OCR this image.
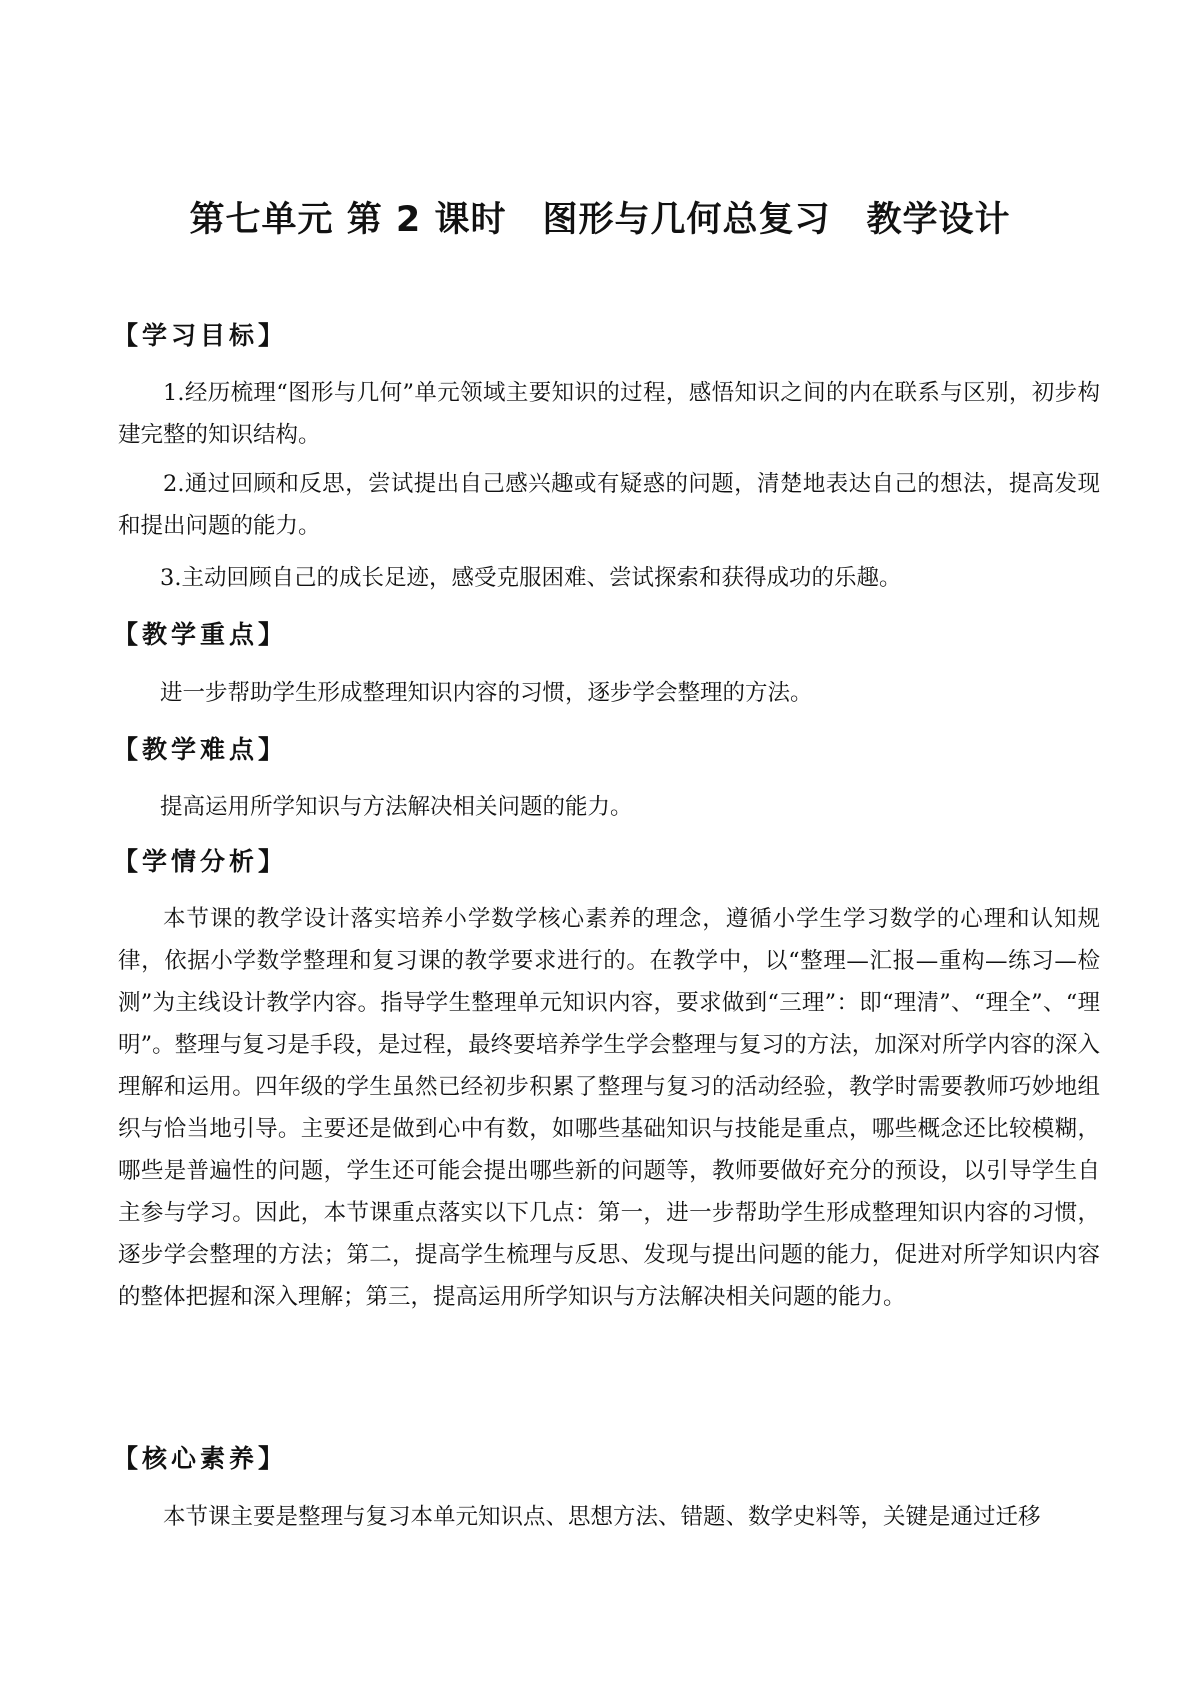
第七单元 第 2 课时　图形与几何总复习　教学设计
【学习目标】
1.经历梳理“图形与几何”单元领域主要知识的过程，感悟知识之间的内在联系与区别，初步构建完整的知识结构。
2.通过回顾和反思，尝试提出自己感兴趣或有疑惑的问题，清楚地表达自己的想法，提高发现和提出问题的能力。
3.主动回顾自己的成长足迹，感受克服困难、尝试探索和获得成功的乐趣。
【教学重点】
进一步帮助学生形成整理知识内容的习惯，逐步学会整理的方法。
【教学难点】
提高运用所学知识与方法解决相关问题的能力。
【学情分析】
本节课的教学设计落实培养小学数学核心素养的理念，遵循小学生学习数学的心理和认知规律，依据小学数学整理和复习课的教学要求进行的。在教学中，以“整理—汇报—重构—练习—检测”为主线设计教学内容。指导学生整理单元知识内容，要求做到“三理”：即“理清”、“理全”、“理明”。整理与复习是手段，是过程，最终要培养学生学会整理与复习的方法，加深对所学内容的深入理解和运用。四年级的学生虽然已经初步积累了整理与复习的活动经验，教学时需要教师巧妙地组织与恰当地引导。主要还是做到心中有数，如哪些基础知识与技能是重点，哪些概念还比较模糊，哪些是普遍性的问题，学生还可能会提出哪些新的问题等，教师要做好充分的预设，以引导学生自主参与学习。因此，本节课重点落实以下几点：第一，进一步帮助学生形成整理知识内容的习惯，逐步学会整理的方法；第二，提高学生梳理与反思、发现与提出问题的能力，促进对所学知识内容的整体把握和深入理解；第三，提高运用所学知识与方法解决相关问题的能力。
【核心素养】
本节课主要是整理与复习本单元知识点、思想方法、错题、数学史料等，关键是通过迁移
